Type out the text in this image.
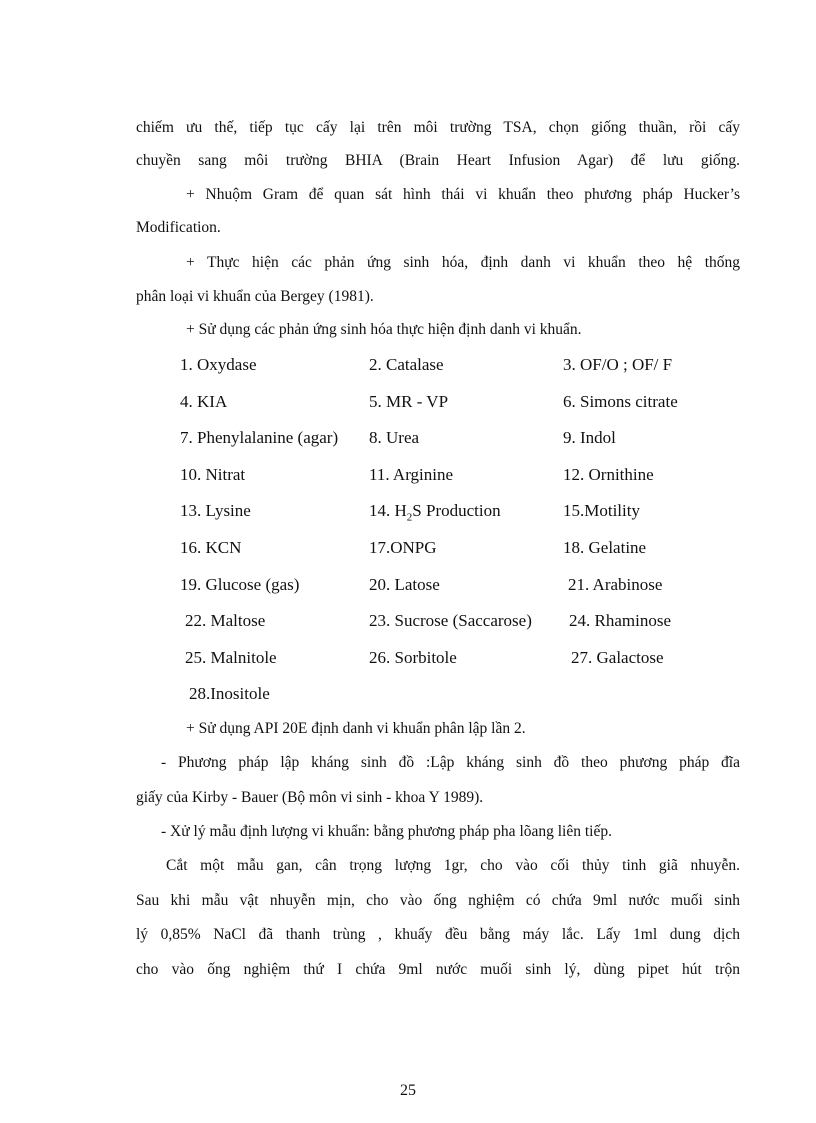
chiếm ưu thế, tiếp tục cấy lại trên môi trường TSA, chọn giống thuần, rồi cấy
chuyền sang môi trường BHIA (Brain Heart Infusion Agar) để lưu giống.
+ Nhuộm Gram để quan sát hình thái vi khuẩn theo phương pháp Hucker’s
Modification.
+ Thực hiện các phản ứng sinh hóa, định danh vi khuẩn theo hệ thống
phân loại vi khuẩn của Bergey (1981).
+ Sử dụng các phản ứng sinh hóa thực hiện định danh vi khuẩn.
1. Oxydase	2. Catalase	3. OF/O ; OF/ F
4. KIA	5. MR - VP	6. Simons citrate
7. Phenylalanine (agar) 8. Urea	9. Indol
10. Nitrat	11. Arginine	12. Ornithine
13. Lysine	14. $H_2S$ Production	15.Motility
16. KCN	17.ONPG	18. Gelatine
19. Glucose (gas)	20. Latose	21. Arabinose
22. Maltose	23. Sucrose (Saccarose) 24. Rhaminose
25. Malnitole	26. Sorbitole	27. Galactose
28.Inositole
+ Sử dụng API 20E định danh vi khuẩn phân lập lần 2.
- Phương pháp lập kháng sinh đồ :Lập kháng sinh đồ theo phương pháp đĩa
giấy của Kirby - Bauer (Bộ môn vi sinh - khoa Y 1989).
- Xử lý mẫu định lượng vi khuẩn: bằng phương pháp pha lõang liên tiếp.
Cắt một mẫu gan, cân trọng lượng 1gr, cho vào cối thủy tinh giã nhuyễn.
Sau khi mẫu vật nhuyễn mịn, cho vào ống nghiệm có chứa 9ml nước muối sinh
lý 0,85% NaCl đã thanh trùng , khuấy đều bằng máy lắc. Lấy 1ml dung dịch
cho vào ống nghiệm thứ I chứa 9ml nước muối sinh lý, dùng pipet hút trộn
25
